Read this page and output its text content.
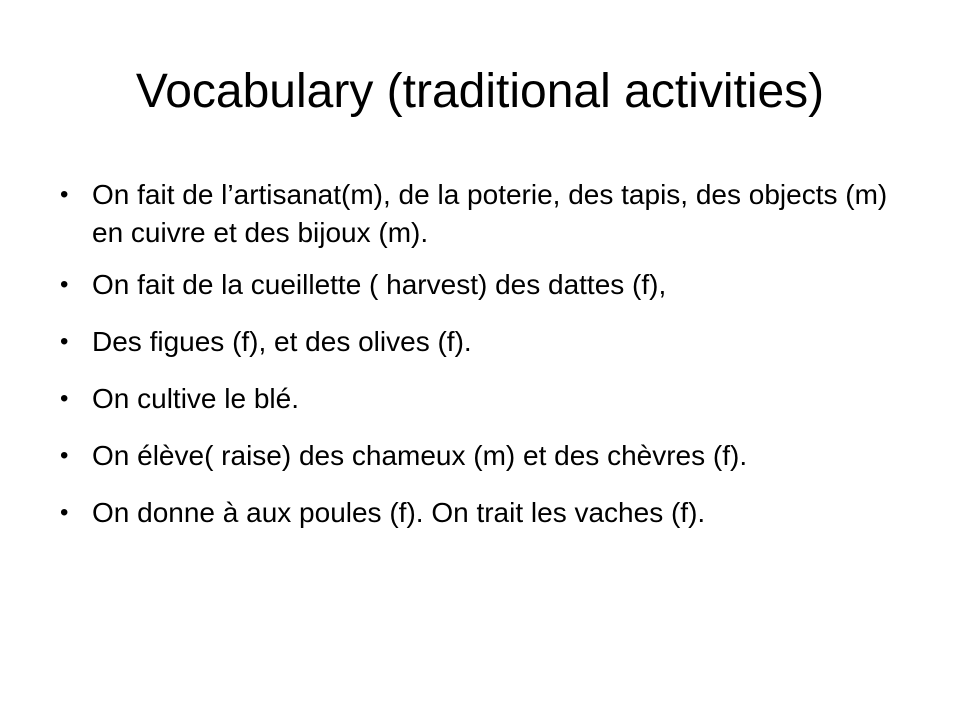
Vocabulary (traditional activities)
• On fait de l’artisanat(m), de la poterie, des tapis, des objects (m) en cuivre et des bijoux (m).
• On fait de la cueillette ( harvest) des dattes (f),
• Des figues (f), et des olives (f).
• On cultive le blé.
• On élève( raise) des chameux (m) et des chèvres (f).
• On donne à aux poules (f). On trait les vaches (f).
